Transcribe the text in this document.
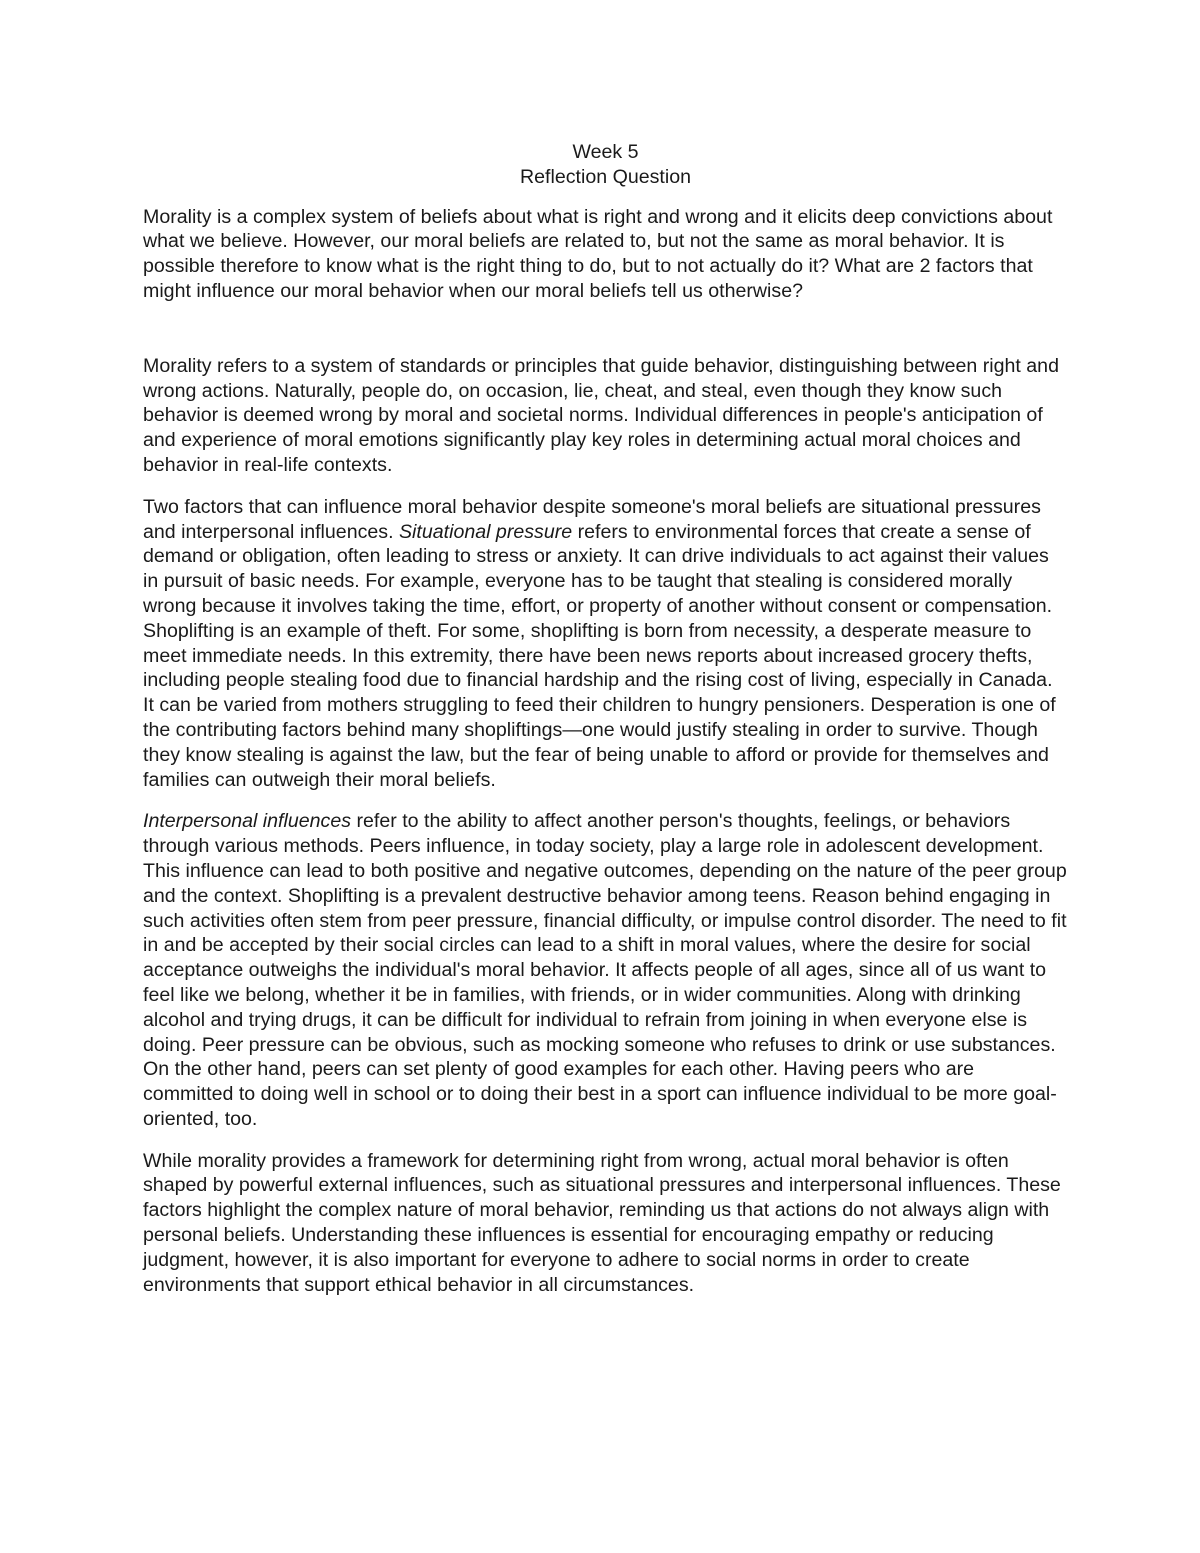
Week 5
Reflection Question

Morality is a complex system of beliefs about what is right and wrong and it elicits deep convictions about what we believe. However, our moral beliefs are related to, but not the same as moral behavior. It is possible therefore to know what is the right thing to do, but to not actually do it? What are 2 factors that might influence our moral behavior when our moral beliefs tell us otherwise?

Morality refers to a system of standards or principles that guide behavior, distinguishing between right and wrong actions. Naturally, people do, on occasion, lie, cheat, and steal, even though they know such behavior is deemed wrong by moral and societal norms. Individual differences in people's anticipation of and experience of moral emotions significantly play key roles in determining actual moral choices and behavior in real-life contexts.

Two factors that can influence moral behavior despite someone's moral beliefs are situational pressures and interpersonal influences. Situational pressure refers to environmental forces that create a sense of demand or obligation, often leading to stress or anxiety. It can drive individuals to act against their values in pursuit of basic needs. For example, everyone has to be taught that stealing is considered morally wrong because it involves taking the time, effort, or property of another without consent or compensation. Shoplifting is an example of theft. For some, shoplifting is born from necessity, a desperate measure to meet immediate needs. In this extremity, there have been news reports about increased grocery thefts, including people stealing food due to financial hardship and the rising cost of living, especially in Canada. It can be varied from mothers struggling to feed their children to hungry pensioners. Desperation is one of the contributing factors behind many shopliftings—one would justify stealing in order to survive. Though they know stealing is against the law, but the fear of being unable to afford or provide for themselves and families can outweigh their moral beliefs.

Interpersonal influences refer to the ability to affect another person's thoughts, feelings, or behaviors through various methods. Peers influence, in today society, play a large role in adolescent development. This influence can lead to both positive and negative outcomes, depending on the nature of the peer group and the context. Shoplifting is a prevalent destructive behavior among teens. Reason behind engaging in such activities often stem from peer pressure, financial difficulty, or impulse control disorder. The need to fit in and be accepted by their social circles can lead to a shift in moral values, where the desire for social acceptance outweighs the individual's moral behavior. It affects people of all ages, since all of us want to feel like we belong, whether it be in families, with friends, or in wider communities. Along with drinking alcohol and trying drugs, it can be difficult for individual to refrain from joining in when everyone else is doing. Peer pressure can be obvious, such as mocking someone who refuses to drink or use substances. On the other hand, peers can set plenty of good examples for each other. Having peers who are committed to doing well in school or to doing their best in a sport can influence individual to be more goal-oriented, too.

While morality provides a framework for determining right from wrong, actual moral behavior is often shaped by powerful external influences, such as situational pressures and interpersonal influences. These factors highlight the complex nature of moral behavior, reminding us that actions do not always align with personal beliefs. Understanding these influences is essential for encouraging empathy or reducing judgment, however, it is also important for everyone to adhere to social norms in order to create environments that support ethical behavior in all circumstances.
